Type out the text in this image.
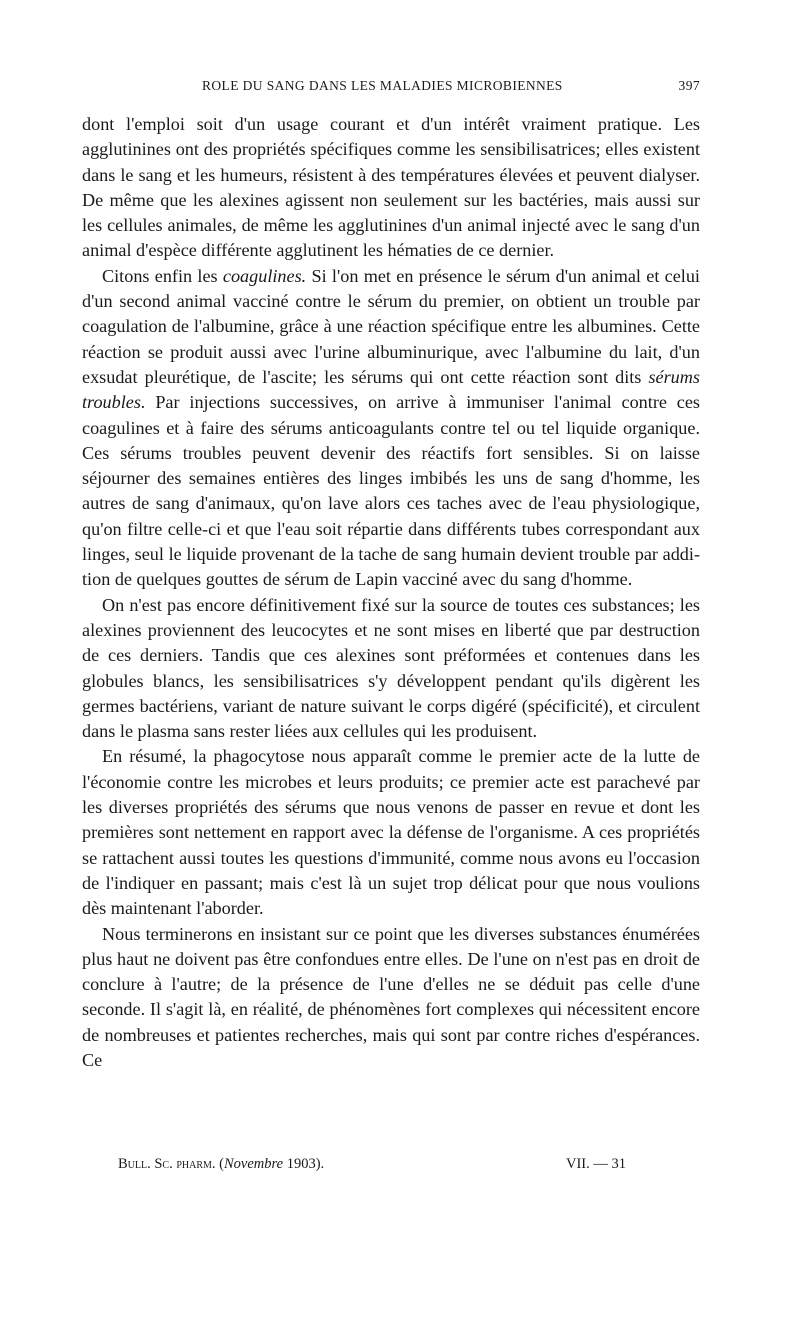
ROLE DU SANG DANS LES MALADIES MICROBIENNES	397

dont l'emploi soit d'un usage courant et d'un intérêt vraiment pratique. Les agglutinines ont des propriétés spécifiques comme les sensibilisatrices; elles existent dans le sang et les humeurs, résistent à des températures élevées et peuvent dialyser. De même que les alexines agissent non seulement sur les bactéries, mais aussi sur les cellules animales, de même les agglutinines d'un animal injecté avec le sang d'un animal d'espèce différente agglutinent les hématies de ce dernier.

Citons enfin les coagulines. Si l'on met en présence le sérum d'un animal et celui d'un second animal vacciné contre le sérum du premier, on obtient un trouble par coagulation de l'albumine, grâce à une réaction spécifique entre les albumines. Cette réaction se produit aussi avec l'urine albuminurique, avec l'albumine du lait, d'un exsudat pleurétique, de l'ascite; les sérums qui ont cette réaction sont dits sérums troubles. Par injections successives, on arrive à immuniser l'animal contre ces coagulines et à faire des sérums anticoagulants contre tel ou tel liquide organique. Ces sérums troubles peuvent devenir des réactifs fort sensibles. Si on laisse séjourner des semaines entières des linges imbibés les uns de sang d'homme, les autres de sang d'animaux, qu'on lave alors ces taches avec de l'eau physiologique, qu'on filtre celle-ci et que l'eau soit répartie dans différents tubes correspondant aux linges, seul le liquide provenant de la tache de sang humain devient trouble par addition de quelques gouttes de sérum de Lapin vacciné avec du sang d'homme.

On n'est pas encore définitivement fixé sur la source de toutes ces substances; les alexines proviennent des leucocytes et ne sont mises en liberté que par destruction de ces derniers. Tandis que ces alexines sont préformées et contenues dans les globules blancs, les sensibilisatrices s'y développent pendant qu'ils digèrent les germes bactériens, variant de nature suivant le corps digéré (spécificité), et circulent dans le plasma sans rester liées aux cellules qui les produisent.

En résumé, la phagocytose nous apparaît comme le premier acte de la lutte de l'économie contre les microbes et leurs produits; ce premier acte est parachevé par les diverses propriétés des sérums que nous venons de passer en revue et dont les premières sont nettement en rapport avec la défense de l'organisme. A ces propriétés se rattachent aussi toutes les questions d'immunité, comme nous avons eu l'occasion de l'indiquer en passant; mais c'est là un sujet trop délicat pour que nous voulions dès maintenant l'aborder.

Nous terminerons en insistant sur ce point que les diverses substances énumérées plus haut ne doivent pas être confondues entre elles. De l'une on n'est pas en droit de conclure à l'autre; de la présence de l'une d'elles ne se déduit pas celle d'une seconde. Il s'agit là, en réalité, de phénomènes fort complexes qui nécessitent encore de nombreuses et patientes recherches, mais qui sont par contre riches d'espérances. Ce

Bull. Sc. pharm. (Novembre 1903).	VII. — 31
